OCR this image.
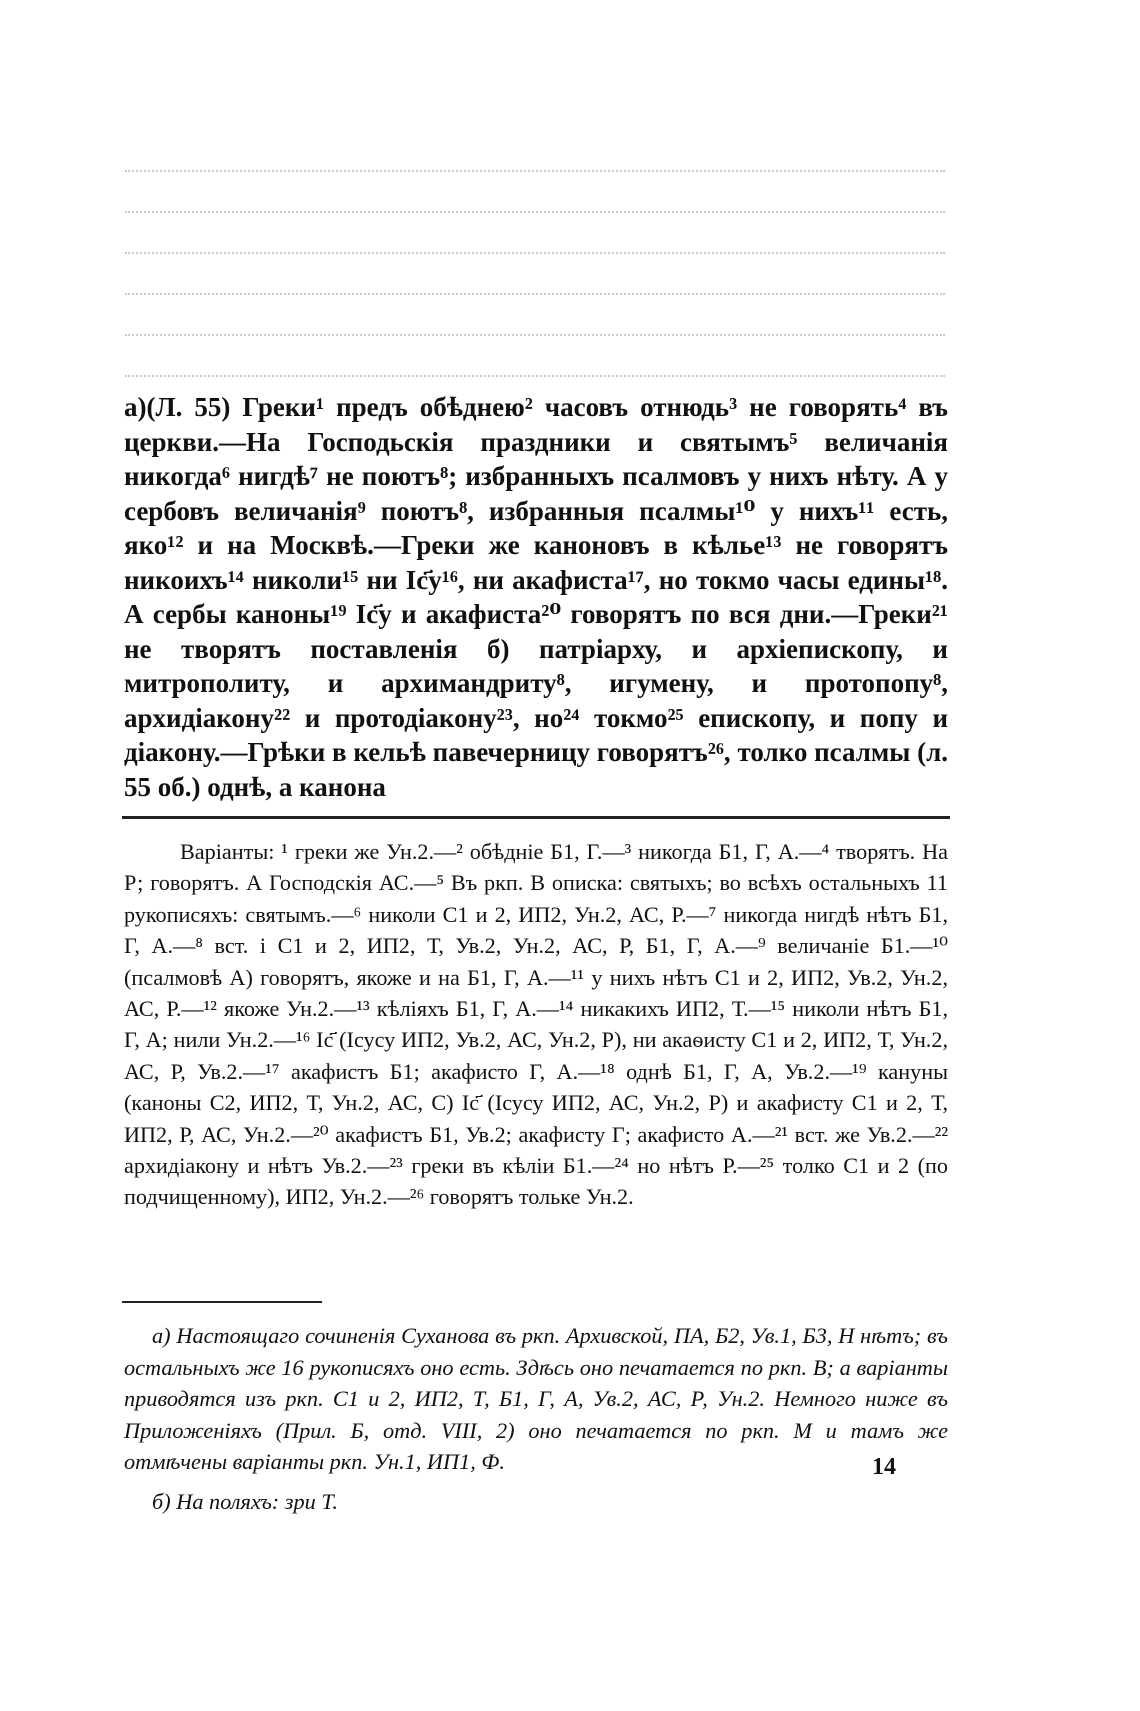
а)(Л. 55) Греки¹ предъ обѣднею² часовъ отнюдь³ не говорять⁴ въ церкви.—На Господьскія праздники и святымъ⁵ величанія никогда⁶ нигдѣ⁷ не поютъ⁸; избранныхъ псалмовъ у нихъ нѣту. А у сербовъ величанія⁹ поютъ⁸, избранныя псалмы¹⁰ у нихъ¹¹ есть, яко¹² и на Москвѣ.—Греки же каноновъ в кѣлье¹³ не говорятъ никоихъ¹⁴ николи¹⁵ ни Іс҃у¹⁶, ни акафиста¹⁷, но токмо часы едины¹⁸. А сербы каноны¹⁹ Іс҃у и акафиста²⁰ говорятъ по вся дни.—Греки²¹ не творятъ поставленія б) патріарху, и архіепископу, и митрополиту, и архимандриту⁸, игумену, и протопопу⁸, архидіакону²² и протодіакону²³, но²⁴ токмо²⁵ епископу, и попу и діакону.—Грѣки в кельѣ павечерницу говорятъ²⁶, толко псалмы (л. 55 об.) однѣ, а канона

Варіанты: ¹ греки же Ун.2.—² обѣдніе Б1, Г.—³ никогда Б1, Г, А.—⁴ творятъ. На Р; говорятъ. А Господскія АС.—⁵ Въ ркп. В описка: святыхъ; во всѣхъ остальныхъ 11 рукописяхъ: святымъ.—⁶ николи С1 и 2, ИП2, Ун.2, АС, Р.—⁷ никогда нигдѣ нѣтъ Б1, Г, А.—⁸ вст. і С1 и 2, ИП2, Т, Ув.2, Ун.2, АС, Р, Б1, Г, А.—⁹ величаніе Б1.—¹⁰ (псалмовѣ А) говорятъ, якоже и на Б1, Г, А.—¹¹ у нихъ нѣтъ С1 и 2, ИП2, Ув.2, Ун.2, АС, Р.—¹² якоже Ун.2.—¹³ кѣліяхъ Б1, Г, А.—¹⁴ никакихъ ИП2, Т.—¹⁵ николи нѣтъ Б1, Г, А; нили Ун.2.—¹⁶ Іс҃ (Ісусу ИП2, Ув.2, АС, Ун.2, Р), ни акаѳисту С1 и 2, ИП2, Т, Ун.2, АС, Р, Ув.2.—¹⁷ акафистъ Б1; акафисто Г, А.—¹⁸ однѣ Б1, Г, А, Ув.2.—¹⁹ кануны (каноны С2, ИП2, Т, Ун.2, АС, С) Іс҃ (Ісусу ИП2, АС, Ун.2, Р) и акафисту С1 и 2, Т, ИП2, Р, АС, Ун.2.—²⁰ акафистъ Б1, Ув.2; акафисту Г; акафисто А.—²¹ вст. же Ув.2.—²² архидіакону и нѣтъ Ув.2.—²³ греки въ кѣліи Б1.—²⁴ но нѣтъ Р.—²⁵ толко С1 и 2 (по подчищенному), ИП2, Ун.2.—²⁶ говорятъ тольке Ун.2.

а) Настоящаго сочиненія Суханова въ ркп. Архивской, ПА, Б2, Ув.1, Б3, Н нѣтъ; въ остальныхъ же 16 рукописяхъ оно есть. Здѣсь оно печатается по ркп. В; а варіанты приводятся изъ ркп. С1 и 2, ИП2, Т, Б1, Г, А, Ув.2, АС, Р, Ун.2. Немного ниже въ Приложеніяхъ (Прил. Б, отд. VIII, 2) оно печатается по ркп. М и тамъ же отмѣчены варіанты ркп. Ун.1, ИП1, Ф.

б) На поляхъ: зри Т.

14
